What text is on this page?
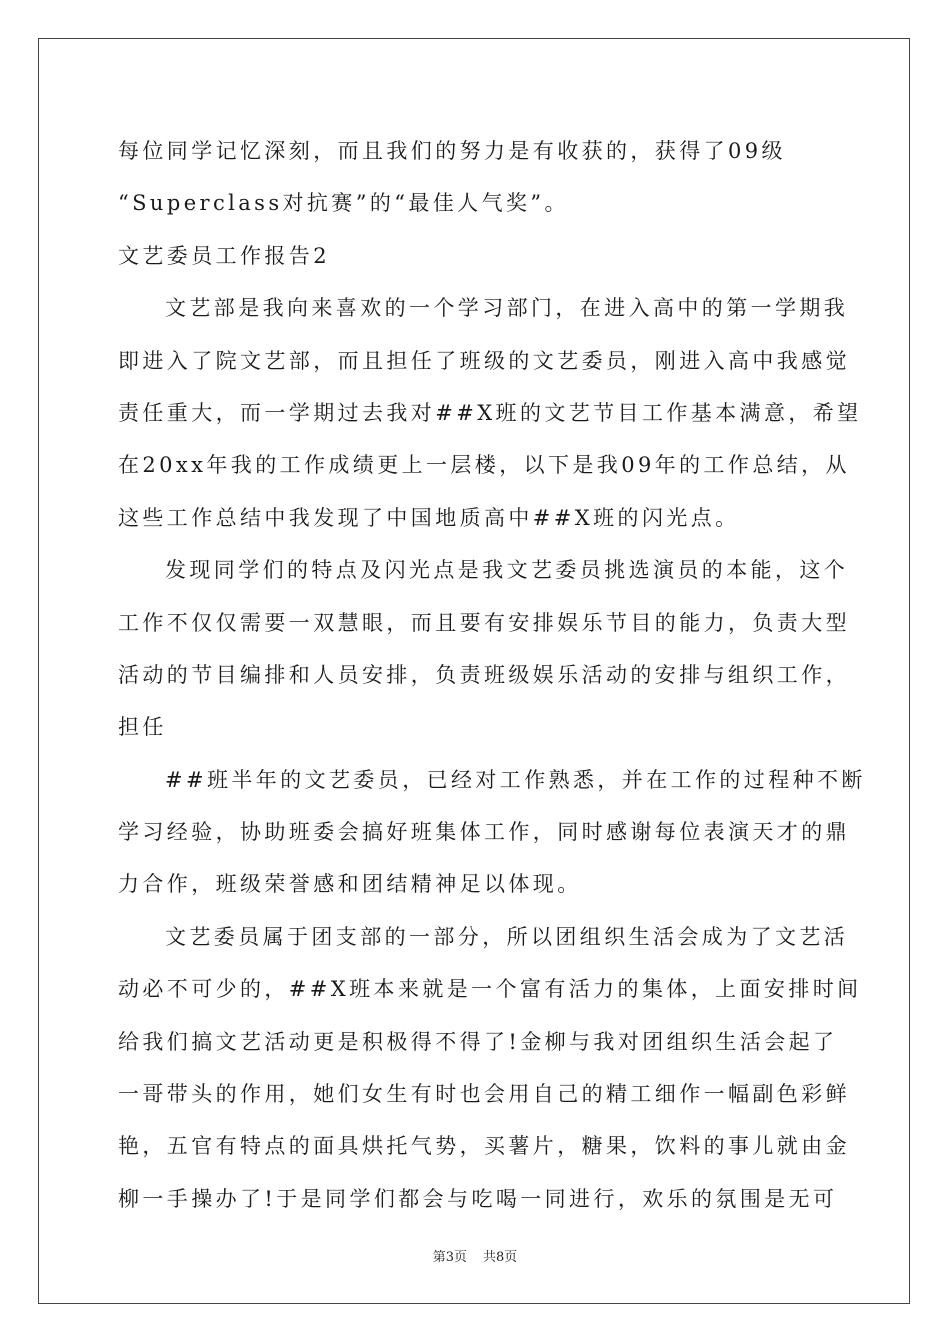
每位同学记忆深刻，而且我们的努力是有收获的，获得了09级
“Superclass对抗赛”的“最佳人气奖”。
文艺委员工作报告2
文艺部是我向来喜欢的一个学习部门，在进入高中的第一学期我
即进入了院文艺部，而且担任了班级的文艺委员，刚进入高中我感觉
责任重大，而一学期过去我对##X班的文艺节目工作基本满意，希望
在20xx年我的工作成绩更上一层楼，以下是我09年的工作总结，从
这些工作总结中我发现了中国地质高中##X班的闪光点。
发现同学们的特点及闪光点是我文艺委员挑选演员的本能，这个
工作不仅仅需要一双慧眼，而且要有安排娱乐节目的能力，负责大型
活动的节目编排和人员安排，负责班级娱乐活动的安排与组织工作，
担任
##班半年的文艺委员，已经对工作熟悉，并在工作的过程种不断
学习经验，协助班委会搞好班集体工作，同时感谢每位表演天才的鼎
力合作，班级荣誉感和团结精神足以体现。
文艺委员属于团支部的一部分，所以团组织生活会成为了文艺活
动必不可少的，##X班本来就是一个富有活力的集体，上面安排时间
给我们搞文艺活动更是积极得不得了!金柳与我对团组织生活会起了
一哥带头的作用，她们女生有时也会用自己的精工细作一幅副色彩鲜
艳，五官有特点的面具烘托气势，买薯片，糖果，饮料的事儿就由金
柳一手操办了!于是同学们都会与吃喝一同进行，欢乐的氛围是无可
第3页 共8页
